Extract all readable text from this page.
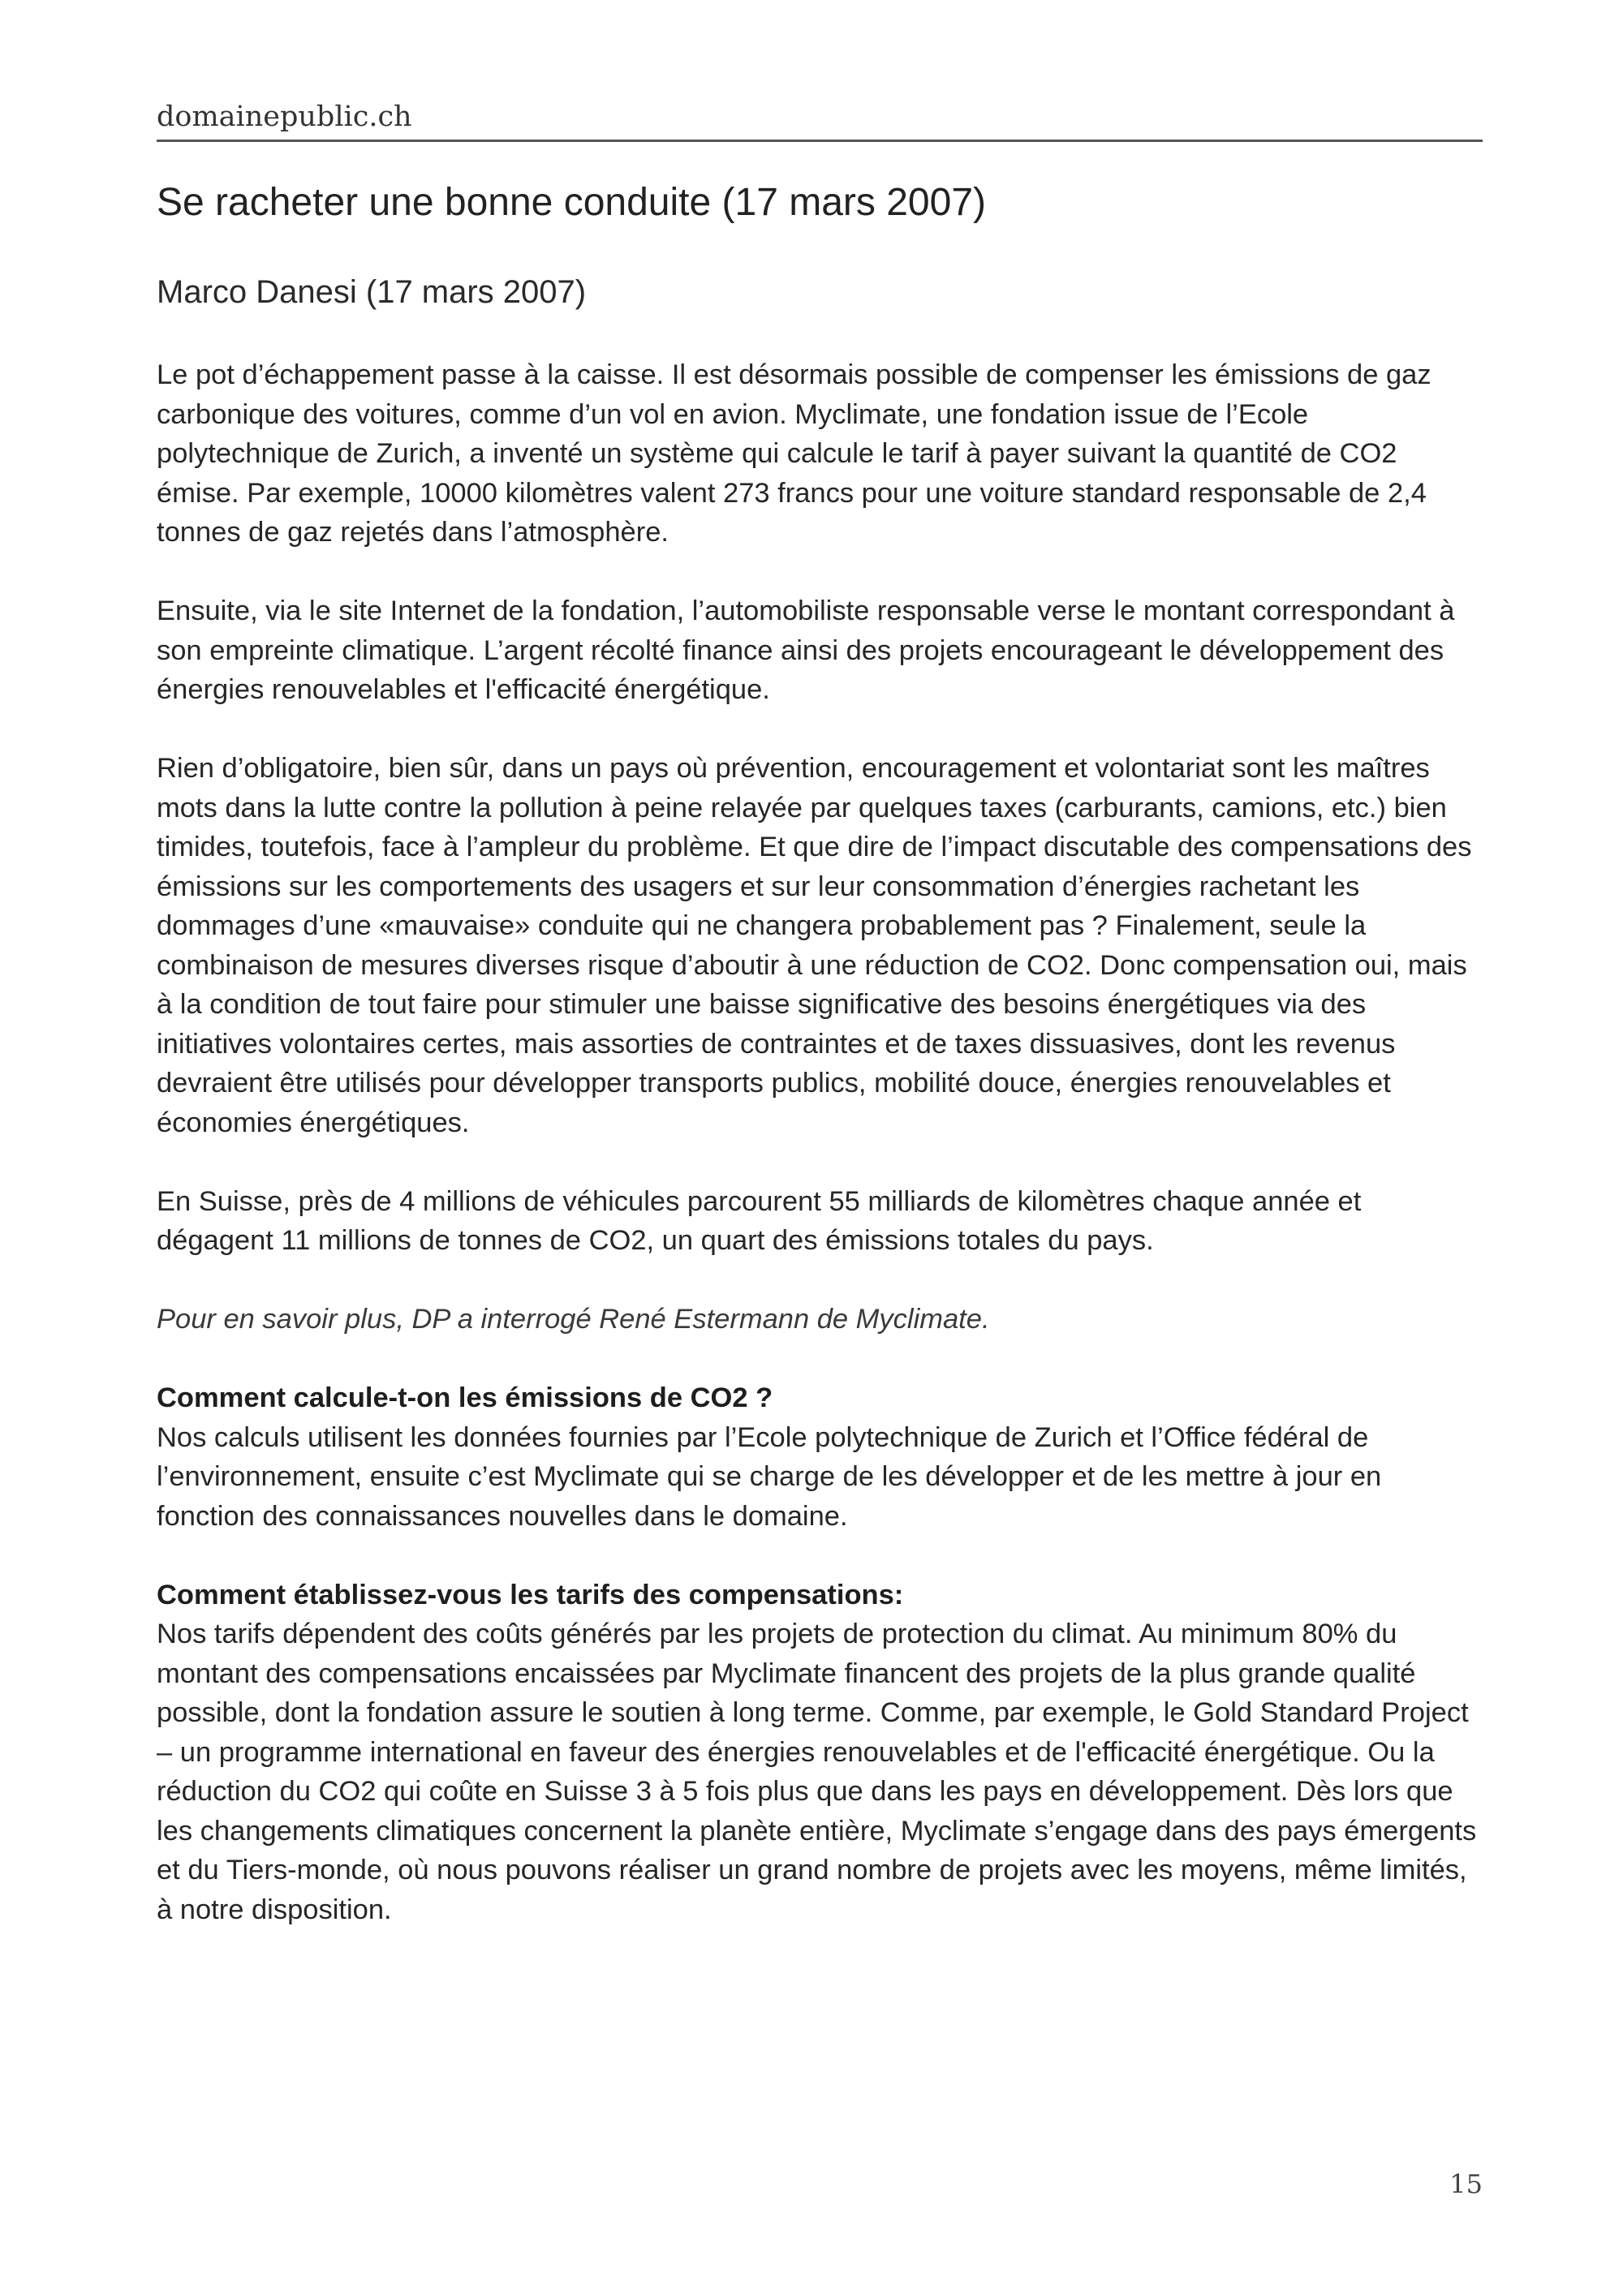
domainepublic.ch
Se racheter une bonne conduite (17 mars 2007)

Marco Danesi (17 mars 2007)

Le pot d’échappement passe à la caisse. Il est désormais possible de compenser les émissions de gaz carbonique des voitures, comme d’un vol en avion. Myclimate, une fondation issue de l’Ecole polytechnique de Zurich, a inventé un système qui calcule le tarif à payer suivant la quantité de CO2 émise. Par exemple, 10000 kilomètres valent 273 francs pour une voiture standard responsable de 2,4 tonnes de gaz rejetés dans l’atmosphère.

Ensuite, via le site Internet de la fondation, l’automobiliste responsable verse le montant correspondant à son empreinte climatique. L’argent récolté finance ainsi des projets encourageant le développement des énergies renouvelables et l'efficacité énergétique.

Rien d’obligatoire, bien sûr, dans un pays où prévention, encouragement et volontariat sont les maîtres mots dans la lutte contre la pollution à peine relayée par quelques taxes (carburants, camions, etc.) bien timides, toutefois, face à l’ampleur du problème. Et que dire de l’impact discutable des compensations des émissions sur les comportements des usagers et sur leur consommation d’énergies rachetant les dommages d’une «mauvaise» conduite qui ne changera probablement pas ? Finalement, seule la combinaison de mesures diverses risque d’aboutir à une réduction de CO2. Donc compensation oui, mais à la condition de tout faire pour stimuler une baisse significative des besoins énergétiques via des initiatives volontaires certes, mais assorties de contraintes et de taxes dissuasives, dont les revenus devraient être utilisés pour développer transports publics, mobilité douce, énergies renouvelables et économies énergétiques.

En Suisse, près de 4 millions de véhicules parcourent 55 milliards de kilomètres chaque année et dégagent 11 millions de tonnes de CO2, un quart des émissions totales du pays.

Pour en savoir plus, DP a interrogé René Estermann de Myclimate.

Comment calcule-t-on les émissions de CO2 ?
Nos calculs utilisent les données fournies par l’Ecole polytechnique de Zurich et l’Office fédéral de l’environnement, ensuite c’est Myclimate qui se charge de les développer et de les mettre à jour en fonction des connaissances nouvelles dans le domaine.
Comment établissez-vous les tarifs des compensations:
Nos tarifs dépendent des coûts générés par les projets de protection du climat. Au minimum 80% du montant des compensations encaissées par Myclimate financent des projets de la plus grande qualité possible, dont la fondation assure le soutien à long terme. Comme, par exemple, le Gold Standard Project – un programme international en faveur des énergies renouvelables et de l'efficacité énergétique. Ou la réduction du CO2 qui coûte en Suisse 3 à 5 fois plus que dans les pays en développement. Dès lors que les changements climatiques concernent la planète entière, Myclimate s’engage dans des pays émergents et du Tiers-monde, où nous pouvons réaliser un grand nombre de projets avec les moyens, même limités, à notre disposition.
15
